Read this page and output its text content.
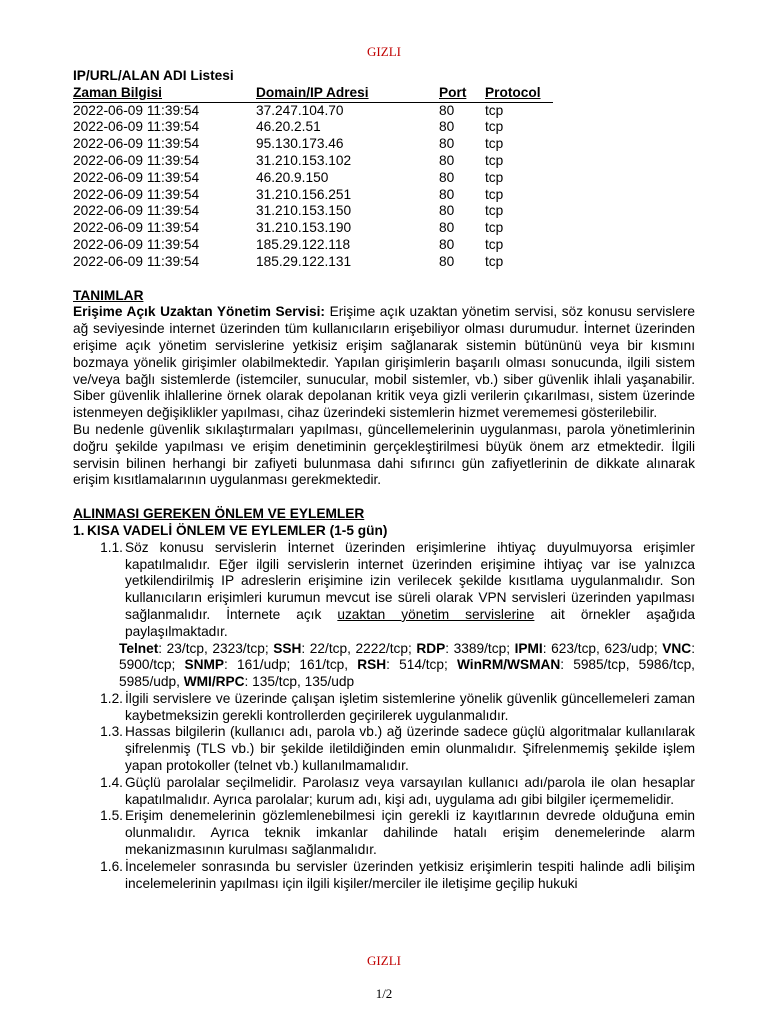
GIZLI
IP/URL/ALAN ADI Listesi
Zaman Bilgisi	Domain/IP Adresi	Port	Protocol
2022-06-09 11:39:54	37.247.104.70	80	tcp
2022-06-09 11:39:54	46.20.2.51	80	tcp
2022-06-09 11:39:54	95.130.173.46	80	tcp
2022-06-09 11:39:54	31.210.153.102	80	tcp
2022-06-09 11:39:54	46.20.9.150	80	tcp
2022-06-09 11:39:54	31.210.156.251	80	tcp
2022-06-09 11:39:54	31.210.153.150	80	tcp
2022-06-09 11:39:54	31.210.153.190	80	tcp
2022-06-09 11:39:54	185.29.122.118	80	tcp
2022-06-09 11:39:54	185.29.122.131	80	tcp
TANIMLAR

Erişime Açık Uzaktan Yönetim Servisi: Erişime açık uzaktan yönetim servisi, söz konusu servislere ağ seviyesinde internet üzerinden tüm kullanıcıların erişebiliyor olması durumudur. İnternet üzerinden erişime açık yönetim servislerine yetkisiz erişim sağlanarak sistemin bütününü veya bir kısmını bozmaya yönelik girişimler olabilmektedir. Yapılan girişimlerin başarılı olması sonucunda, ilgili sistem ve/veya bağlı sistemlerde (istemciler, sunucular, mobil sistemler, vb.) siber güvenlik ihlali yaşanabilir. Siber güvenlik ihlallerine örnek olarak depolanan kritik veya gizli verilerin çıkarılması, sistem üzerinde istenmeyen değişiklikler yapılması, cihaz üzerindeki sistemlerin hizmet verememesi gösterilebilir.

Bu nedenle güvenlik sıkılaştırmaları yapılması, güncellemelerinin uygulanması, parola yönetimlerinin doğru şekilde yapılması ve erişim denetiminin gerçekleştirilmesi büyük önem arz etmektedir. İlgili servisin bilinen herhangi bir zafiyeti bulunmasa dahi sıfırıncı gün zafiyetlerinin de dikkate alınarak erişim kısıtlamalarının uygulanması gerekmektedir.

ALINMASI GEREKEN ÖNLEM VE EYLEMLER
1. KISA VADELİ ÖNLEM VE EYLEMLER (1-5 gün)
1.1. Söz konusu servislerin İnternet üzerinden erişimlerine ihtiyaç duyulmuyorsa erişimler kapatılmalıdır. Eğer ilgili servislerin internet üzerinden erişimine ihtiyaç var ise yalnızca yetkilendirilmiş IP adreslerin erişimine izin verilecek şekilde kısıtlama uygulanmalıdır. Son kullanıcıların erişimleri kurumun mevcut ise süreli olarak VPN servisleri üzerinden yapılması sağlanmalıdır. İnternete açık uzaktan yönetim servislerine ait örnekler aşağıda paylaşılmaktadır.
Telnet: 23/tcp, 2323/tcp; SSH: 22/tcp, 2222/tcp; RDP: 3389/tcp; IPMI: 623/tcp, 623/udp; VNC: 5900/tcp; SNMP: 161/udp; 161/tcp, RSH: 514/tcp; WinRM/WSMAN: 5985/tcp, 5986/tcp, 5985/udp, WMI/RPC: 135/tcp, 135/udp
1.2. İlgili servislere ve üzerinde çalışan işletim sistemlerine yönelik güvenlik güncellemeleri zaman kaybetmeksizin gerekli kontrollerden geçirilerek uygulanmalıdır.
1.3. Hassas bilgilerin (kullanıcı adı, parola vb.) ağ üzerinde sadece güçlü algoritmalar kullanılarak şifrelenmiş (TLS vb.) bir şekilde iletildiğinden emin olunmalıdır. Şifrelenmemiş şekilde işlem yapan protokoller (telnet vb.) kullanılmamalıdır.
1.4. Güçlü parolalar seçilmelidir. Parolasız veya varsayılan kullanıcı adı/parola ile olan hesaplar kapatılmalıdır. Ayrıca parolalar; kurum adı, kişi adı, uygulama adı gibi bilgiler içermemelidir.
1.5. Erişim denemelerinin gözlemlenebilmesi için gerekli iz kayıtlarının devrede olduğuna emin olunmalıdır. Ayrıca teknik imkanlar dahilinde hatalı erişim denemelerinde alarm mekanizmasının kurulması sağlanmalıdır.
1.6. İncelemeler sonrasında bu servisler üzerinden yetkisiz erişimlerin tespiti halinde adli bilişim incelemelerinin yapılması için ilgili kişiler/merciler ile iletişime geçilip hukuki
GIZLI
1/2
